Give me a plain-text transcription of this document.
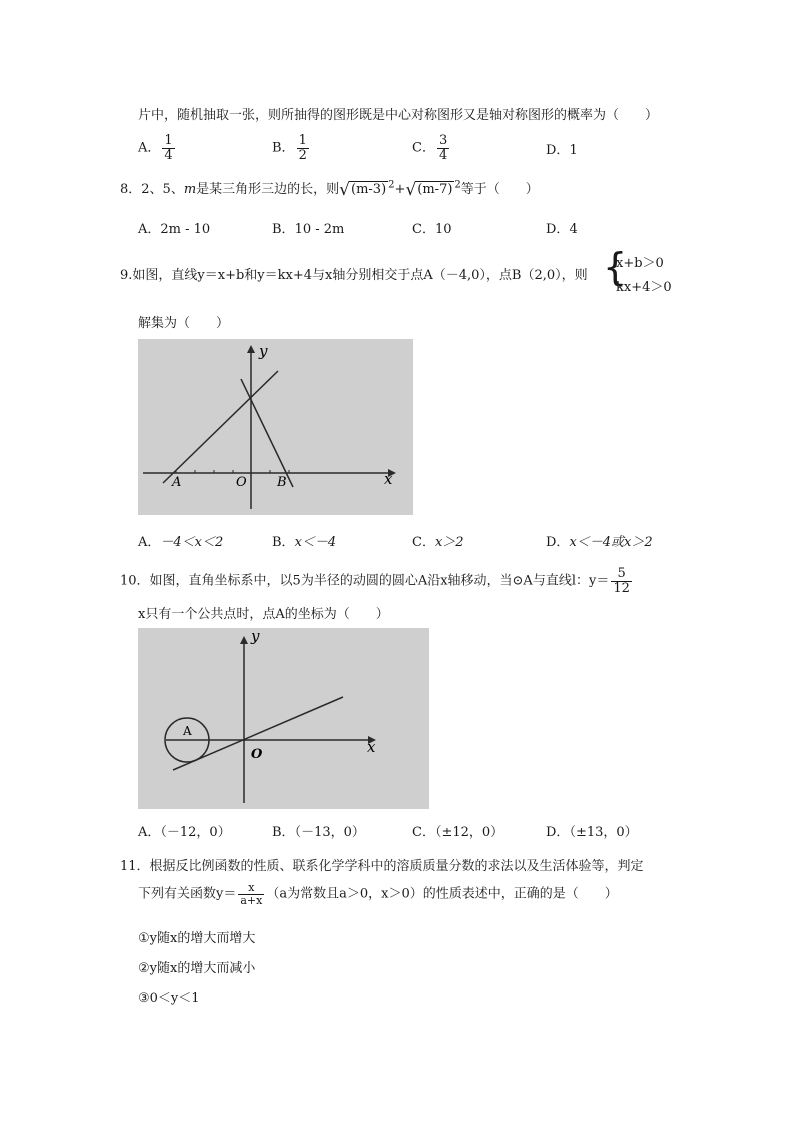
片中，随机抽取一张，则所抽得的图形既是中心对称图形又是轴对称图形的概率为（　　）
A． $\frac{1}{4}$	B． $\frac{1}{2}$	C． $\frac{3}{4}$	D．1
8．2、5、m是某三角形三边的长，则√(m-3) $^2$+√(m-7) $^2$等于（　　）
A．2m - 10	B．10 - 2m	C．10	D．4
9.如图，直线y＝x+b和y＝kx+4与x轴分别相交于点A（－4,0），点B（2,0），则 {
x+b＞0
kx+4＞0
解集为（　　）
y
x
A	O B
A．－4＜x＜2	B．x＜－4	C．x＞2	D．x＜－4或x＞2
10．如图，直角坐标系中，以5为半径的动圆的圆心A沿x轴移动，当⊙A与直线l：$y= \frac{5}{12}$
x只有一个公共点时，点A的坐标为（　　）
y
x
A
O
A．（－12，0）	B．（－13，0）	C．（±12，0）	D．（±13，0）
11．根据反比例函数的性质、联系化学学科中的溶质质量分数的求法以及生活体验等，判定
下列有关函数$y= \frac{x}{a+x} (a$为常数且a＞0，x＞0）的性质表述中，正确的是（　　）
①y随x的增大而增大
②y随x的增大而减小
③0＜y＜1
